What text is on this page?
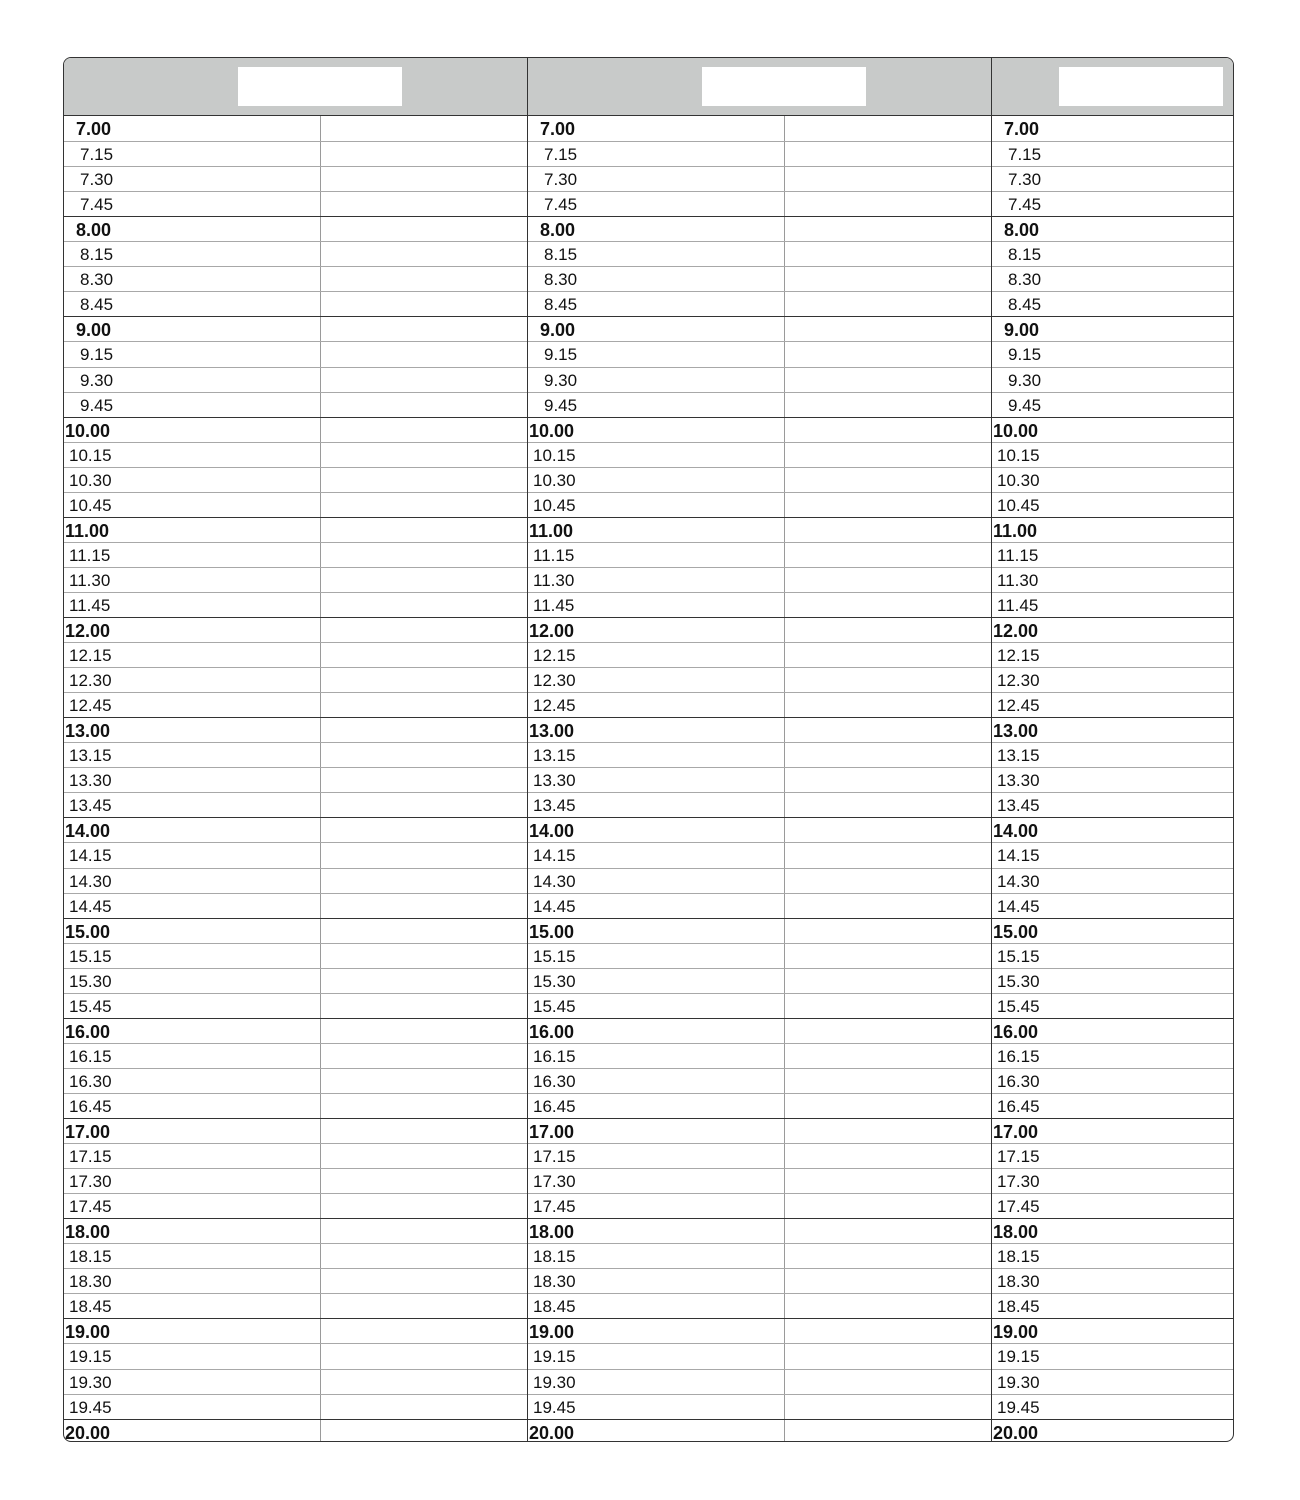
7.00
7.15
7.30
7.45
8.00
8.15
8.30
8.45
9.00
9.15
9.30
9.45
10.00
10.15
10.30
10.45
11.00
11.15
11.30
11.45
12.00
12.15
12.30
12.45
13.00
13.15
13.30
13.45
14.00
14.15
14.30
14.45
15.00
15.15
15.30
15.45
16.00
16.15
16.30
16.45
17.00
17.15
17.30
17.45
18.00
18.15
18.30
18.45
19.00
19.15
19.30
19.45
20.00
7.00
7.15
7.30
7.45
8.00
8.15
8.30
8.45
9.00
9.15
9.30
9.45
10.00
10.15
10.30
10.45
11.00
11.15
11.30
11.45
12.00
12.15
12.30
12.45
13.00
13.15
13.30
13.45
14.00
14.15
14.30
14.45
15.00
15.15
15.30
15.45
16.00
16.15
16.30
16.45
17.00
17.15
17.30
17.45
18.00
18.15
18.30
18.45
19.00
19.15
19.30
19.45
20.00
7.00
7.15
7.30
7.45
8.00
8.15
8.30
8.45
9.00
9.15
9.30
9.45
10.00
10.15
10.30
10.45
11.00
11.15
11.30
11.45
12.00
12.15
12.30
12.45
13.00
13.15
13.30
13.45
14.00
14.15
14.30
14.45
15.00
15.15
15.30
15.45
16.00
16.15
16.30
16.45
17.00
17.15
17.30
17.45
18.00
18.15
18.30
18.45
19.00
19.15
19.30
19.45
20.00
